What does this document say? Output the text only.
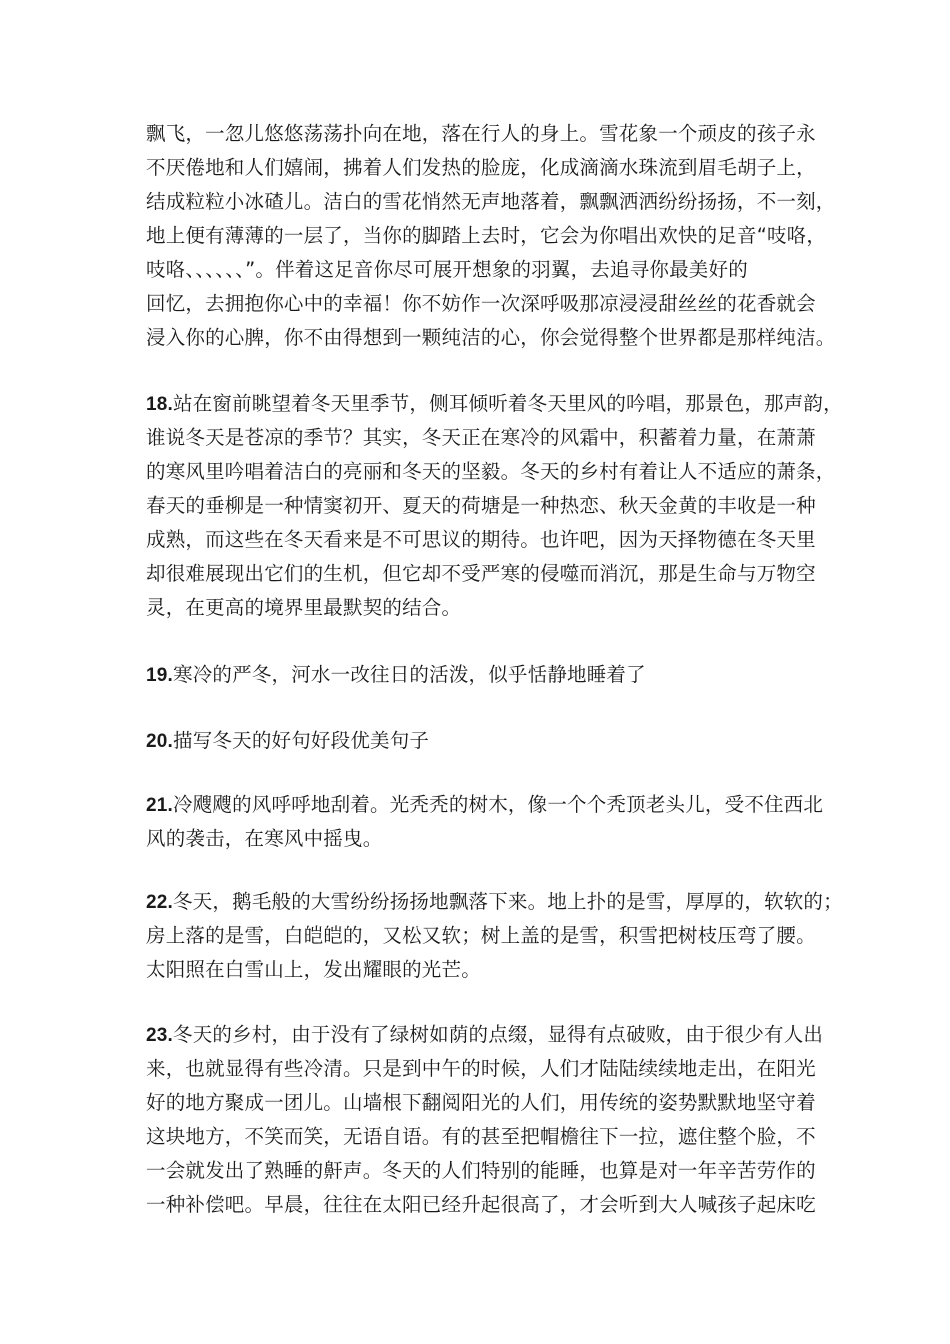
飘飞，一忽儿悠悠荡荡扑向在地，落在行人的身上。雪花象一个顽皮的孩子永
不厌倦地和人们嬉闹，拂着人们发热的脸庞，化成滴滴水珠流到眉毛胡子上，
结成粒粒小冰碴儿。洁白的雪花悄然无声地落着，飘飘洒洒纷纷扬扬，不一刻，
地上便有薄薄的一层了，当你的脚踏上去时，它会为你唱出欢快的足音“吱咯，
吱咯、、、、、、”。伴着这足音你尽可展开想象的羽翼，去追寻你最美好的
回忆，去拥抱你心中的幸福！你不妨作一次深呼吸那凉浸浸甜丝丝的花香就会
浸入你的心脾，你不由得想到一颗纯洁的心，你会觉得整个世界都是那样纯洁。
18.站在窗前眺望着冬天里季节，侧耳倾听着冬天里风的吟唱，那景色，那声韵，
谁说冬天是苍凉的季节？其实，冬天正在寒冷的风霜中，积蓄着力量，在萧萧
的寒风里吟唱着洁白的亮丽和冬天的坚毅。冬天的乡村有着让人不适应的萧条，
春天的垂柳是一种情窦初开、夏天的荷塘是一种热恋、秋天金黄的丰收是一种
成熟，而这些在冬天看来是不可思议的期待。也许吧，因为天择物德在冬天里
却很难展现出它们的生机，但它却不受严寒的侵噬而消沉，那是生命与万物空
灵，在更高的境界里最默契的结合。
19.寒冷的严冬，河水一改往日的活泼，似乎恬静地睡着了
20.描写冬天的好句好段优美句子
21.冷飕飕的风呼呼地刮着。光秃秃的树木，像一个个秃顶老头儿，受不住西北
风的袭击，在寒风中摇曳。
22.冬天，鹅毛般的大雪纷纷扬扬地飘落下来。地上扑的是雪，厚厚的，软软的；
房上落的是雪，白皑皑的，又松又软；树上盖的是雪，积雪把树枝压弯了腰。
太阳照在白雪山上，发出耀眼的光芒。
23.冬天的乡村，由于没有了绿树如荫的点缀，显得有点破败，由于很少有人出
来，也就显得有些冷清。只是到中午的时候，人们才陆陆续续地走出，在阳光
好的地方聚成一团儿。山墙根下翻阅阳光的人们，用传统的姿势默默地坚守着
这块地方，不笑而笑，无语自语。有的甚至把帽檐往下一拉，遮住整个脸，不
一会就发出了熟睡的鼾声。冬天的人们特别的能睡，也算是对一年辛苦劳作的
一种补偿吧。早晨，往往在太阳已经升起很高了，才会听到大人喊孩子起床吃
